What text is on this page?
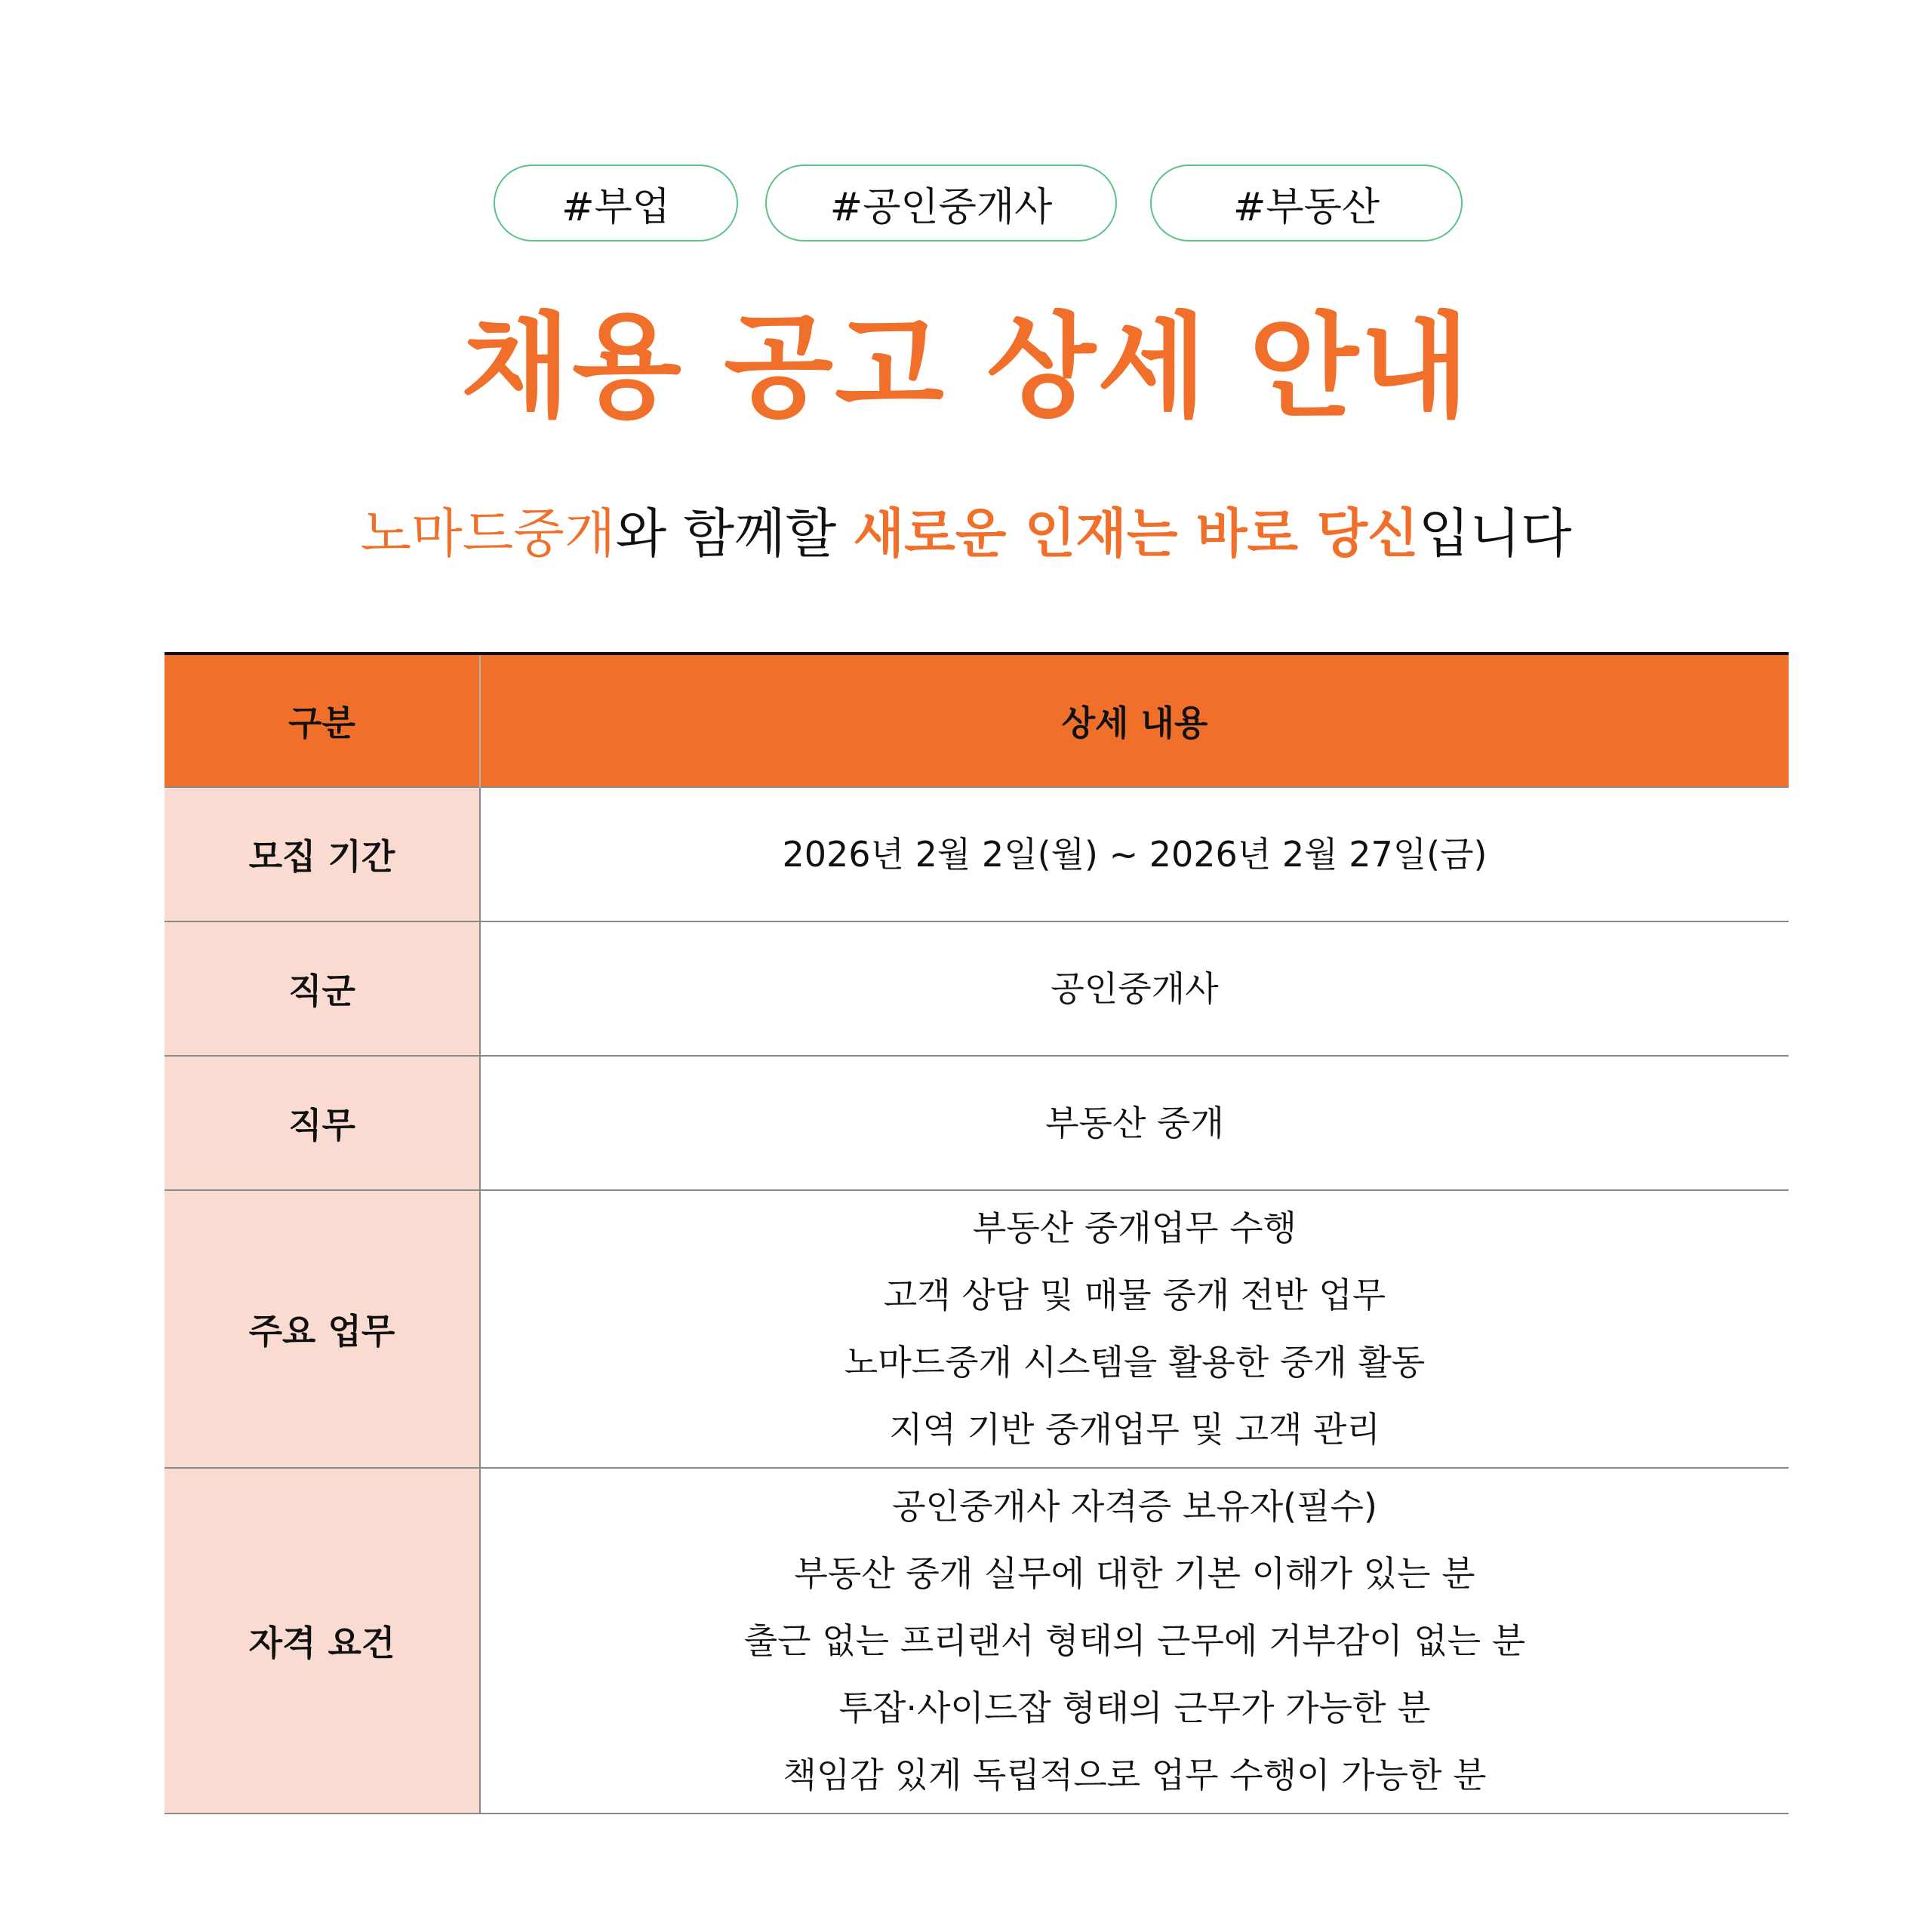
#부업	#공인중개사	#부동산
채용 공고 상세 안내
노마드중개와 함께할 새로운 인재는 바로 당신입니다
구분	상세 내용
모집 기간	2026년 2월 2일(월) ~ 2026년 2월 27일(금)

직군	공인중개사

직무	부동산 중개

주요 업무	부동산 중개업무 수행
고객 상담 및 매물 중개 전반 업무
노마드중개 시스템을 활용한 중개 활동
지역 기반 중개업무 및 고객 관리

자격 요건	공인중개사 자격증 보유자(필수)
부동산 중개 실무에 대한 기본 이해가 있는 분
출근 없는 프리랜서 형태의 근무에 거부감이 없는 분
투잡·사이드잡 형태의 근무가 가능한 분
책임감 있게 독립적으로 업무 수행이 가능한 분
